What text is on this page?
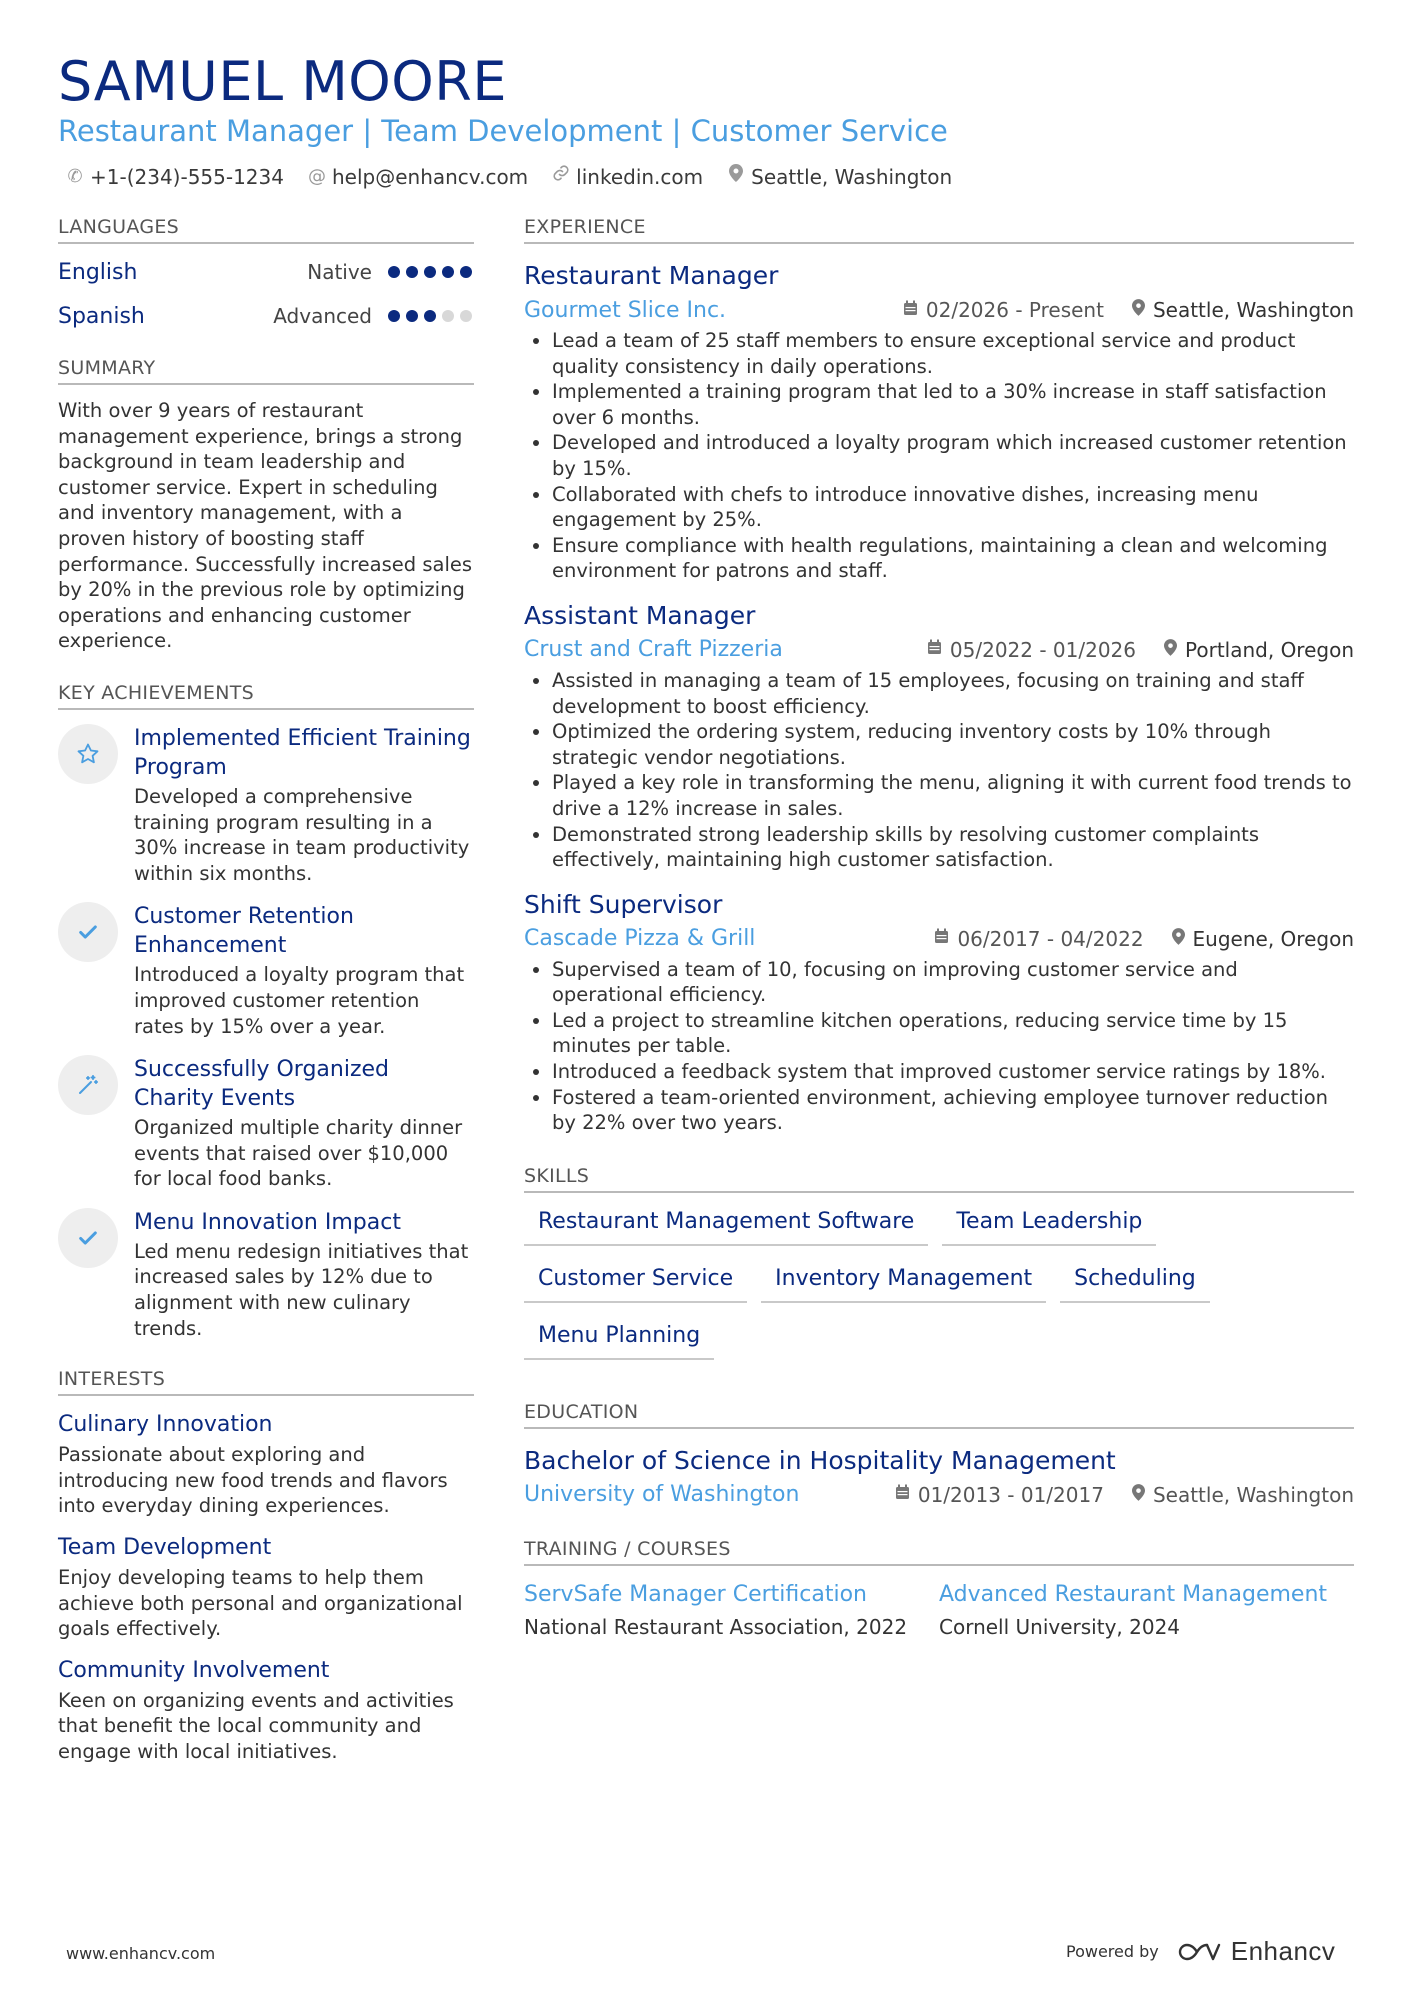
SAMUEL MOORE
Restaurant Manager | Team Development | Customer Service
✆ +1-(234)-555-1234 @ help@enhancv.com linkedin.com Seattle, Washington
LANGUAGES
English	Native
Spanish	Advanced
SUMMARY
With over 9 years of restaurant management experience, brings a strong background in team leadership and customer service. Expert in scheduling and inventory management, with a proven history of boosting staff performance. Successfully increased sales by 20% in the previous role by optimizing operations and enhancing customer experience.
KEY ACHIEVEMENTS
Implemented Efficient Training Program
Developed a comprehensive training program resulting in a 30% increase in team productivity within six months.
Customer Retention Enhancement
Introduced a loyalty program that improved customer retention rates by 15% over a year.
Successfully Organized Charity Events
Organized multiple charity dinner events that raised over $10,000 for local food banks.
Menu Innovation Impact
Led menu redesign initiatives that increased sales by 12% due to alignment with new culinary trends.
INTERESTS
Culinary Innovation
Passionate about exploring and introducing new food trends and flavors into everyday dining experiences.
Team Development
Enjoy developing teams to help them achieve both personal and organizational goals effectively.
Community Involvement
Keen on organizing events and activities that benefit the local community and engage with local initiatives.
EXPERIENCE
Restaurant Manager
Gourmet Slice Inc.	02/2026 - Present Seattle, Washington
• Lead a team of 25 staff members to ensure exceptional service and product quality consistency in daily operations.
• Implemented a training program that led to a 30% increase in staff satisfaction over 6 months.
• Developed and introduced a loyalty program which increased customer retention by 15%.
• Collaborated with chefs to introduce innovative dishes, increasing menu engagement by 25%.
• Ensure compliance with health regulations, maintaining a clean and welcoming environment for patrons and staff.
Assistant Manager
Crust and Craft Pizzeria	05/2022 - 01/2026 Portland, Oregon
• Assisted in managing a team of 15 employees, focusing on training and staff development to boost efficiency.
• Optimized the ordering system, reducing inventory costs by 10% through strategic vendor negotiations.
• Played a key role in transforming the menu, aligning it with current food trends to drive a 12% increase in sales.
• Demonstrated strong leadership skills by resolving customer complaints effectively, maintaining high customer satisfaction.
Shift Supervisor
Cascade Pizza & Grill	06/2017 - 04/2022 Eugene, Oregon
• Supervised a team of 10, focusing on improving customer service and operational efficiency.
• Led a project to streamline kitchen operations, reducing service time by 15 minutes per table.
• Introduced a feedback system that improved customer service ratings by 18%.
• Fostered a team-oriented environment, achieving employee turnover reduction by 22% over two years.
SKILLS
Restaurant Management Software	Team Leadership
Customer Service	Inventory Management	Scheduling
Menu Planning
EDUCATION
Bachelor of Science in Hospitality Management
University of Washington	01/2013 - 01/2017 Seattle, Washington
TRAINING / COURSES
ServSafe Manager Certification
National Restaurant Association, 2022
Advanced Restaurant Management
Cornell University, 2024
www.enhancv.com	Powered by	Enhancv
